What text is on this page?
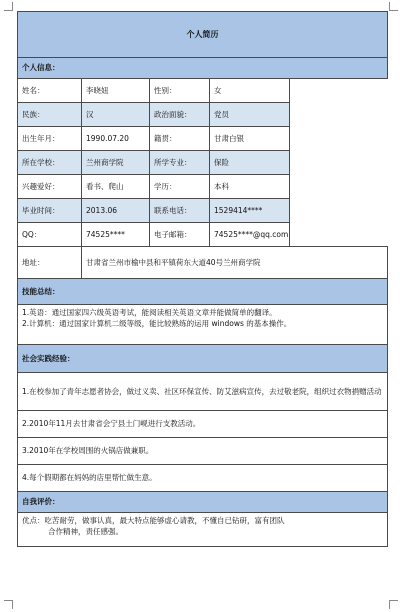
个人简历				
个人信息：				
姓名：	李晓妞	性别：	女	
民族：	汉	政治面貌：	党员	
出生年月：	1990.07.20	籍贯：	甘肃白银	
所在学校：	兰州商学院	所学专业：	保险	
兴趣爱好：	看书、爬山	学历：	本科	
毕业时间：	2013.06	联系电话：	1529414****	
QQ：	74525****	电子邮箱：	74525****@qq.com	
地址：	甘肃省兰州市榆中县和平镇荷东大道40号兰州商学院			
技能总结：				

1.英语：通过国家四六级英语考试，能阅读相关英语文章并能做简单的翻译。

2.计算机：通过国家计算机二级等级，能比较熟练的运用 windows 的基本操作。				

社会实践经验：				
1.在校参加了青年志愿者协会，做过义卖、社区环保宣传、防艾滋病宣传，去过敬老院，组织过衣物捐赠活动				
2.2010年11月去甘肃省会宁县土门岘进行支教活动。				
3.2010年在学校周围的火锅店做兼职。				
4.每个假期都在妈妈的店里帮忙做生意。				
自我评价：				

优点：吃苦耐劳，做事认真，最大特点能够虚心请教，不懂自已钻研，富有团队

合作精神，责任感强。				
